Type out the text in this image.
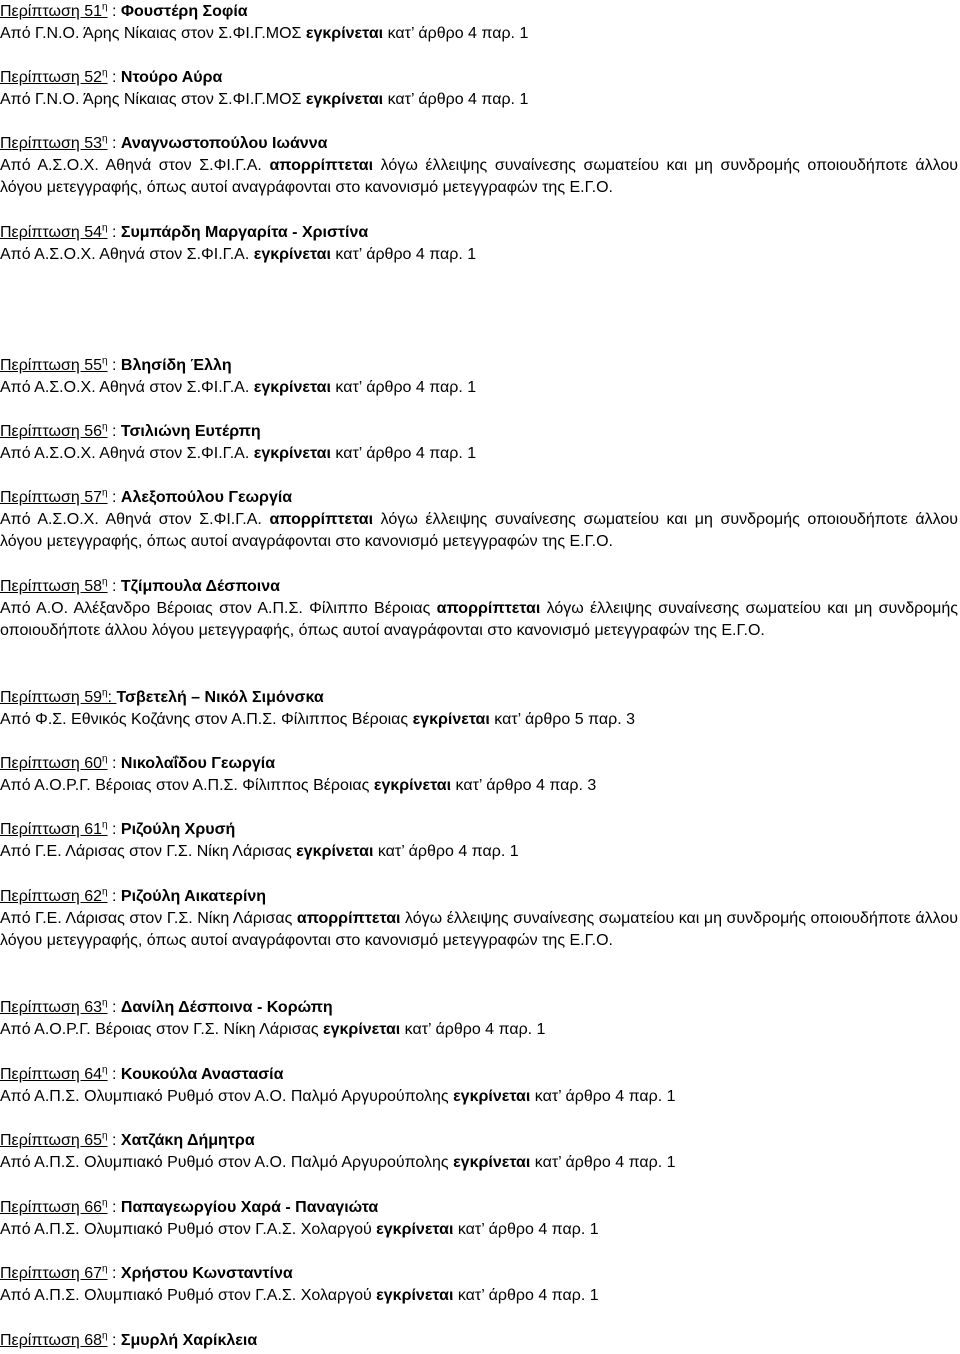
Περίπτωση $51^\eta$ : Φουστέρη Σοφία
Από Γ.Ν.Ο. Άρης Νίκαιας στον Σ.ΦΙ.Γ.ΜΟΣ εγκρίνεται κατ’ άρθρο 4 παρ. 1
Περίπτωση $52^\eta$ : Ντούρο Αύρα
Από Γ.Ν.Ο. Άρης Νίκαιας στον Σ.ΦΙ.Γ.ΜΟΣ εγκρίνεται κατ’ άρθρο 4 παρ. 1
Περίπτωση $53^\eta$ : Αναγνωστοπούλου Ιωάννα
Από Α.Σ.Ο.Χ. Αθηνά στον Σ.ΦΙ.Γ.Α. απορρίπτεται λόγω έλλειψης συναίνεσης σωματείου και μη συνδρομής οποιουδήποτε άλλου λόγου μετεγγραφής, όπως αυτοί αναγράφονται στο κανονισμό μετεγγραφών της Ε.Γ.Ο.
Περίπτωση $54^\eta$ : Συμπάρδη Μαργαρίτα - Χριστίνα
Από Α.Σ.Ο.Χ. Αθηνά στον Σ.ΦΙ.Γ.Α. εγκρίνεται κατ’ άρθρο 4 παρ. 1
Περίπτωση $55^\eta$ : Βλησίδη Έλλη
Από Α.Σ.Ο.Χ. Αθηνά στον Σ.ΦΙ.Γ.Α. εγκρίνεται κατ’ άρθρο 4 παρ. 1
Περίπτωση $56^\eta$ : Τσιλιώνη Ευτέρπη
Από Α.Σ.Ο.Χ. Αθηνά στον Σ.ΦΙ.Γ.Α. εγκρίνεται κατ’ άρθρο 4 παρ. 1
Περίπτωση $57^\eta$ : Αλεξοπούλου Γεωργία
Από Α.Σ.Ο.Χ. Αθηνά στον Σ.ΦΙ.Γ.Α. απορρίπτεται λόγω έλλειψης συναίνεσης σωματείου και μη συνδρομής οποιουδήποτε άλλου λόγου μετεγγραφής, όπως αυτοί αναγράφονται στο κανονισμό μετεγγραφών της Ε.Γ.Ο.
Περίπτωση $58^\eta$ : Τζίμπουλα Δέσποινα
Από Α.Ο. Αλέξανδρο Βέροιας στον Α.Π.Σ. Φίλιππο Βέροιας απορρίπτεται λόγω έλλειψης συναίνεσης σωματείου και μη συνδρομής οποιουδήποτε άλλου λόγου μετεγγραφής, όπως αυτοί αναγράφονται στο κανονισμό μετεγγραφών της Ε.Γ.Ο.
Περίπτωση $59^\eta$: Τσβετελή – Νικόλ Σιμόνσκα
Από Φ.Σ. Εθνικός Κοζάνης στον Α.Π.Σ. Φίλιππος Βέροιας εγκρίνεται κατ’ άρθρο 5 παρ. 3
Περίπτωση $60^\eta$ : Νικολαΐδου Γεωργία
Από Α.Ο.Ρ.Γ. Βέροιας στον Α.Π.Σ. Φίλιππος Βέροιας εγκρίνεται κατ’ άρθρο 4 παρ. 3
Περίπτωση $61^\eta$ : Ριζούλη Χρυσή
Από Γ.Ε. Λάρισας στον Γ.Σ. Νίκη Λάρισας εγκρίνεται κατ’ άρθρο 4 παρ. 1
Περίπτωση $62^\eta$ : Ριζούλη Αικατερίνη
Από Γ.Ε. Λάρισας στον Γ.Σ. Νίκη Λάρισας απορρίπτεται λόγω έλλειψης συναίνεσης σωματείου και μη συνδρομής οποιουδήποτε άλλου λόγου μετεγγραφής, όπως αυτοί αναγράφονται στο κανονισμό μετεγγραφών της Ε.Γ.Ο.
Περίπτωση $63^\eta$ : Δανίλη Δέσποινα - Κορώπη
Από Α.Ο.Ρ.Γ. Βέροιας στον Γ.Σ. Νίκη Λάρισας εγκρίνεται κατ’ άρθρο 4 παρ. 1
Περίπτωση $64^\eta$ : Κουκούλα Αναστασία
Από Α.Π.Σ. Ολυμπιακό Ρυθμό στον Α.Ο. Παλμό Αργυρούπολης εγκρίνεται κατ’ άρθρο 4 παρ. 1
Περίπτωση $65^\eta$ : Χατζάκη Δήμητρα
Από Α.Π.Σ. Ολυμπιακό Ρυθμό στον Α.Ο. Παλμό Αργυρούπολης εγκρίνεται κατ’ άρθρο 4 παρ. 1
Περίπτωση $66^\eta$ : Παπαγεωργίου Χαρά - Παναγιώτα
Από Α.Π.Σ. Ολυμπιακό Ρυθμό στον Γ.Α.Σ. Χολαργού εγκρίνεται κατ’ άρθρο 4 παρ. 1
Περίπτωση $67^\eta$ : Χρήστου Κωνσταντίνα
Από Α.Π.Σ. Ολυμπιακό Ρυθμό στον Γ.Α.Σ. Χολαργού εγκρίνεται κατ’ άρθρο 4 παρ. 1
Περίπτωση $68^\eta$ : Σμυρλή Χαρίκλεια
